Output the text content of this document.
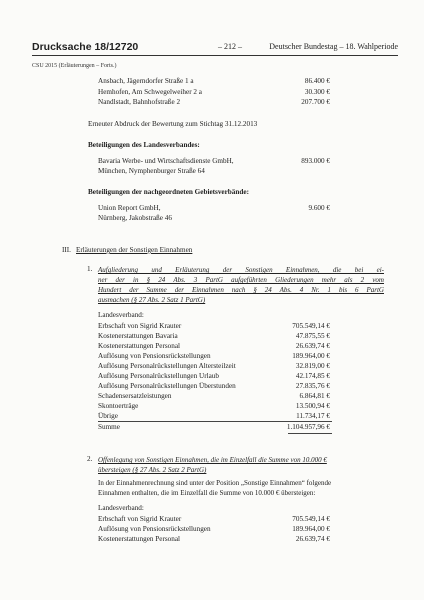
Drucksache 18/12720	– 212 –	Deutscher Bundestag – 18. Wahlperiode
CSU 2015 (Erläuterungen – Forts.)
Ansbach, Jägerndorfer Straße 1 a	86.400 €
Hemhofen, Am Schwegelweiher 2 a	30.300 €
Nandlstadt, Bahnhofstraße 2	207.700 €
Erneuter Abdruck der Bewertung zum Stichtag 31.12.2013
Beteiligungen des Landesverbandes:
Bavaria Werbe- und Wirtschaftsdienste GmbH,
München, Nymphenburger Straße 64
893.000 €
Beteiligungen der nachgeordneten Gebietsverbände:
Union Report GmbH,
Nürnberg, Jakobstraße 46
9.600 €
III. Erläuterungen der Sonstigen Einnahmen
1. Aufgliederung und Erläuterung der Sonstigen Einnahmen, die bei ei-
ner der in § 24 Abs. 3 PartG aufgeführten Gliederungen mehr als 2 vom
Hundert der Summe der Einnahmen nach § 24 Abs. 4 Nr. 1 bis 6 PartG
ausmachen (§ 27 Abs. 2 Satz 1 PartG)
Landesverband:
Erbschaft von Sigrid Krauter	705.549,14 €
Kostenerstattungen Bavaria	47.875,55 €
Kostenerstattungen Personal	26.639,74 €
Auflösung von Pensionsrückstellungen	189.964,00 €
Auflösung Personalrückstellungen Altersteilzeit	32.819,00 €
Auflösung Personalrückstellungen Urlaub	42.174,85 €
Auflösung Personalrückstellungen Überstunden	27.835,76 €
Schadensersatzleistungen	6.864,81 €
Skontoerträge	13.500,94 €
Übrige	11.734,17 €
Summe	1.104.957,96 €
2. Offenlegung von Sonstigen Einnahmen, die im Einzelfall die Summe von 10.000 €
übersteigen (§ 27 Abs. 2 Satz 2 PartG)
In der Einnahmenrechnung sind unter der Position „Sonstige Einnahmen“ folgende
Einnahmen enthalten, die im Einzelfall die Summe von 10.000 € übersteigen:
Landesverband:
Erbschaft von Sigrid Krauter	705.549,14 €
Auflösung von Pensionsrückstellungen	189.964,00 €
Kostenerstattungen Personal	26.639,74 €
